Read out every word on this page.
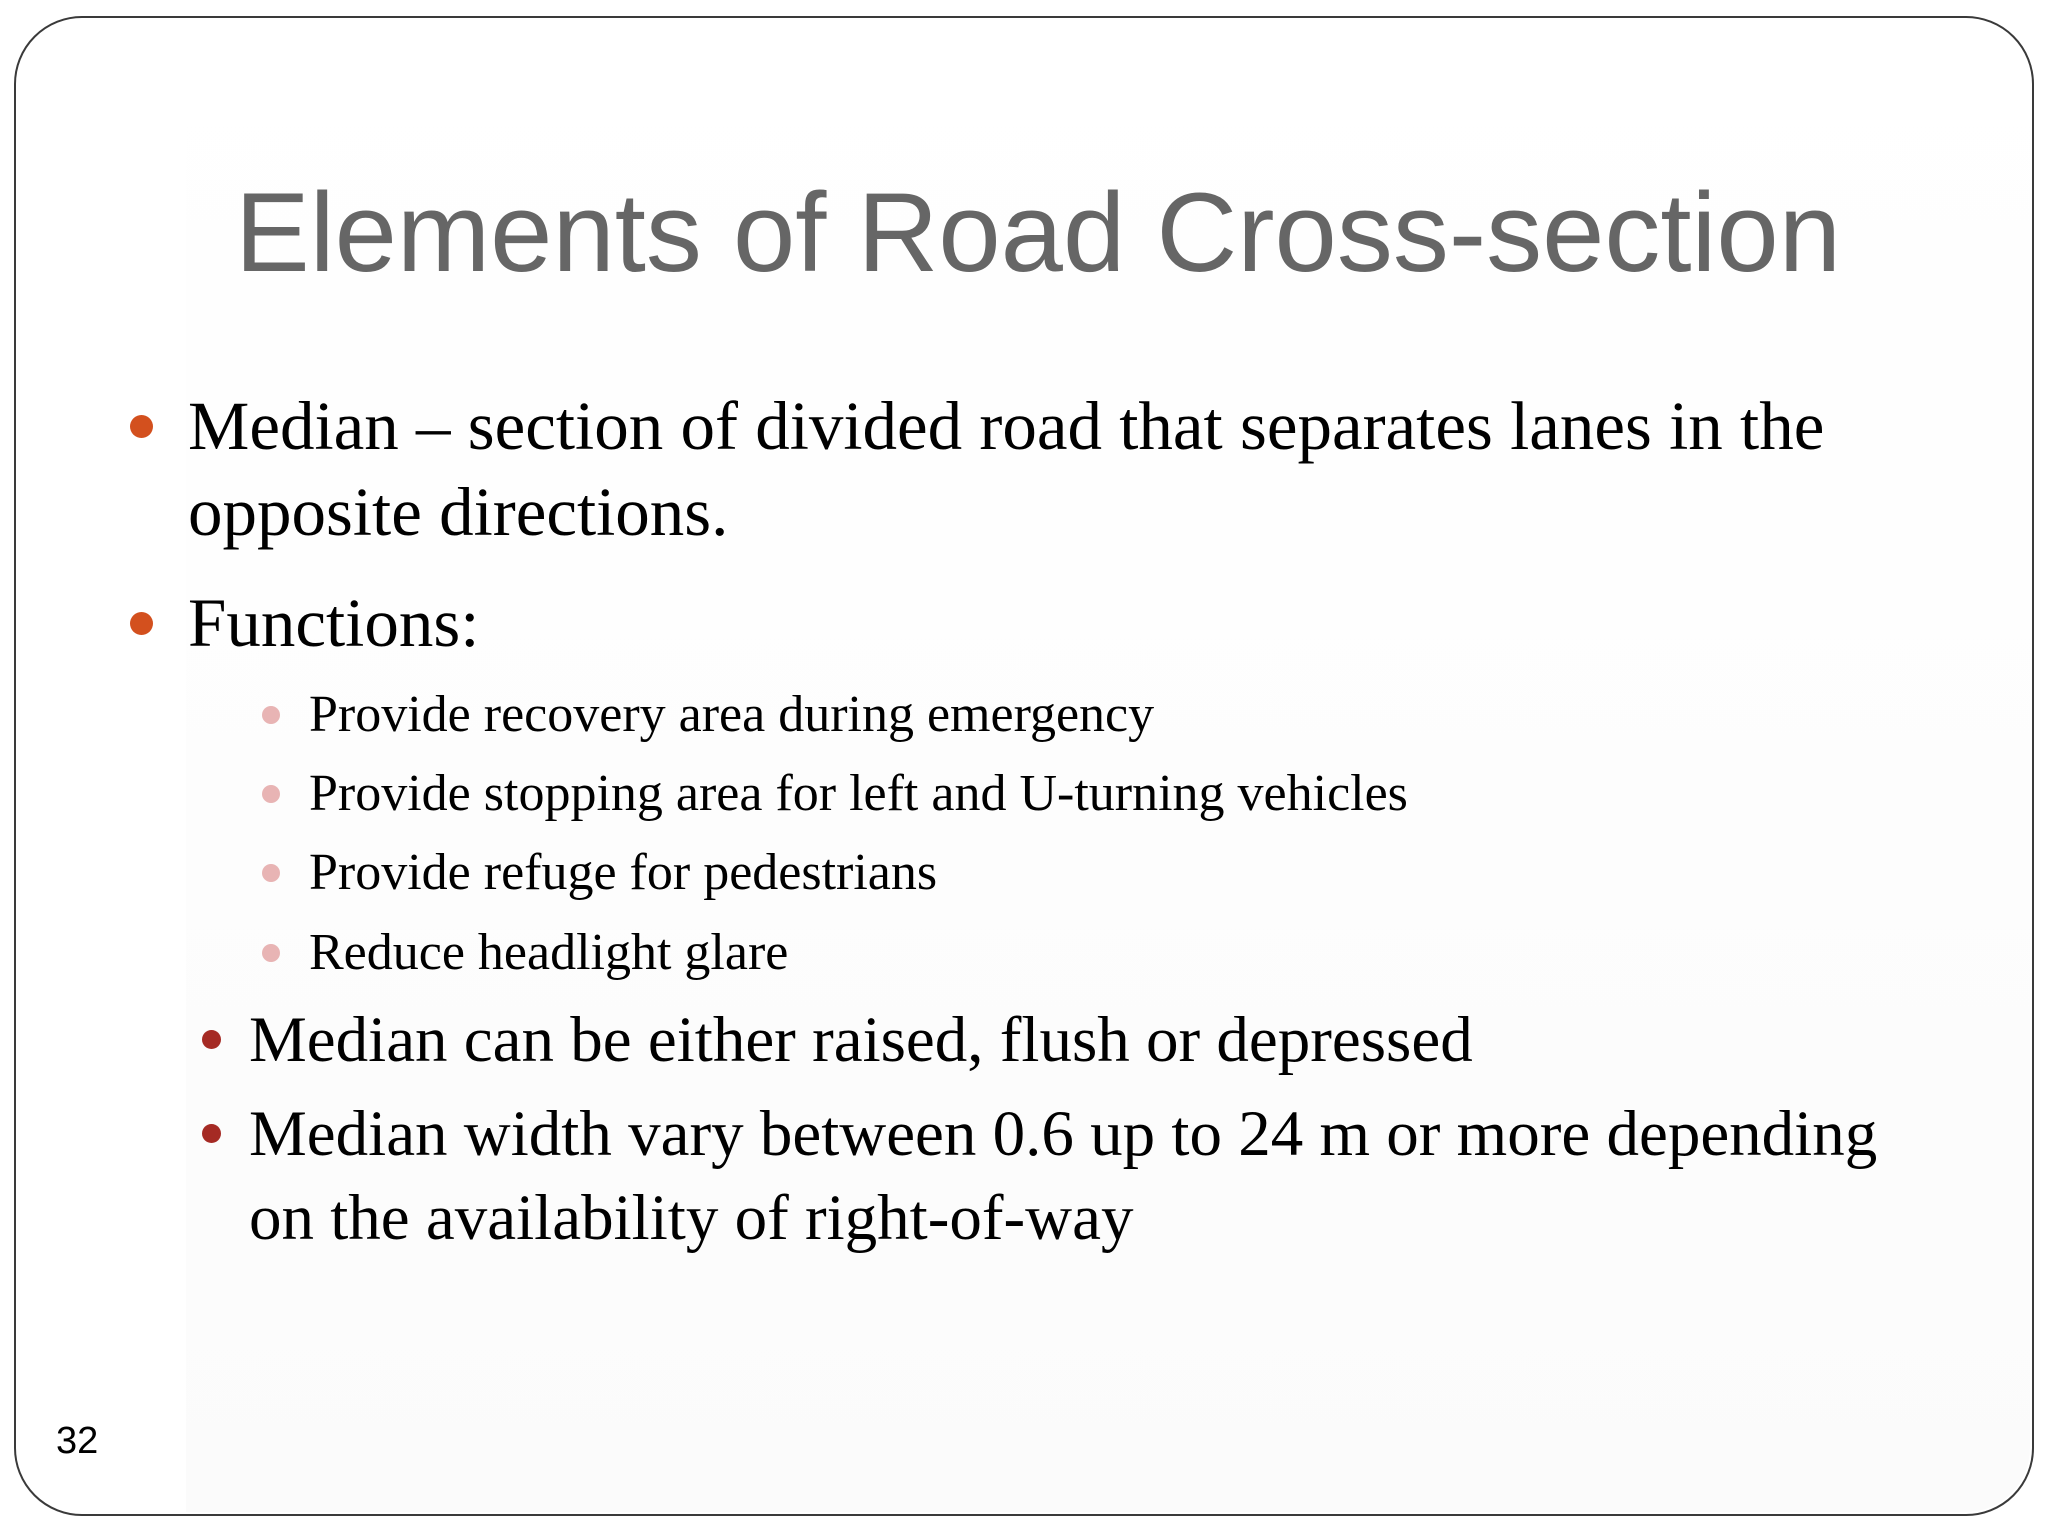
Elements of Road Cross-section
Median – section of divided road that separates lanes in the
opposite directions.
Functions:
Provide recovery area during emergency
Provide stopping area for left and U-turning vehicles
Provide refuge for pedestrians
Reduce headlight glare
Median can be either raised, flush or depressed
Median width vary between 0.6 up to 24 m or more depending
on the availability of right-of-way
32
